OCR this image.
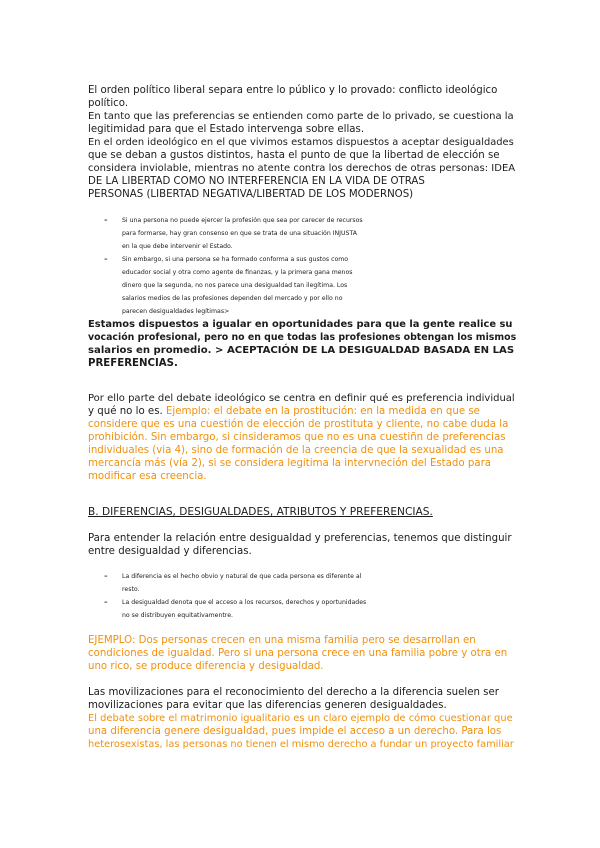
El orden político liberal separa entre lo público y lo provado: conflicto ideológico
político.
En tanto que las preferencias se entienden como parte de lo privado, se cuestiona la
legitimidad para que el Estado intervenga sobre ellas.
En el orden ideológico en el que vivimos estamos dispuestos a aceptar desigualdades
que se deban a gustos distintos, hasta el punto de que la libertad de elección se
considera inviolable, mientras no atente contra los derechos de otras personas: IDEA
DE LA LIBERTAD COMO NO INTERFERENCIA EN LA VIDA DE OTRAS
PERSONAS (LIBERTAD NEGATIVA/LIBERTAD DE LOS MODERNOS)
- Si una persona no puede ejercer la profesión que sea por carecer de recursos
para formarse, hay gran consenso en que se trata de una situación INJUSTA
en la que debe intervenir el Estado.
- Sin embargo, si una persona se ha formado conforma a sus gustos como
educador social y otra como agente de finanzas, y la primera gana menos
dinero que la segunda, no nos parece una desigualdad tan ilegítima. Los
salarios medios de las profesiones dependen del mercado y por ello no
parecen desigualdades legítimas>
Estamos dispuestos a igualar en oportunidades para que la gente realice su
vocación profesional, pero no en que todas las profesiones obtengan los mismos
salarios en promedio. > ACEPTACIÓN DE LA DESIGUALDAD BASADA EN LAS
PREFERENCIAS.
Por ello parte del debate ideológico se centra en definir qué es preferencia individual
y qué no lo es. Ejemplo: el debate en la prostitución: en la medida en que se
considere que es una cuestión de elección de prostituta y cliente, no cabe duda la
prohibición. Sin embargo, si cinsideramos que no es una cuestiñn de preferencias
individuales (via 4), sino de formación de la creencia de que la sexualidad es una
mercancía más (vía 2), si se considera legitima la intervneción del Estado para
modificar esa creencia.
B. DIFERENCIAS, DESIGUALDADES, ATRIBUTOS Y PREFERENCIAS.
Para entender la relación entre desigualdad y preferencias, tenemos que distinguir
entre desigualdad y diferencias.
- La diferencia es el hecho obvio y natural de que cada persona es diferente al
resto.
- La desigualdad denota que el acceso a los recursos, derechos y oportunidades
no se distribuyen equitativamentre.
EJEMPLO: Dos personas crecen en una misma familia pero se desarrollan en
condiciones de igualdad. Pero si una persona crece en una familia pobre y otra en
uno rico, se produce diferencia y desigualdad.
Las movilizaciones para el reconocimiento del derecho a la diferencia suelen ser
movilizaciones para evitar que las diferencias generen desigualdades.
El debate sobre el matrimonio igualitario es un claro ejemplo de cómo cuestionar que
una diferencia genere desigualdad, pues impide el acceso a un derecho. Para los
heterosexistas, las personas no tienen el mismo derecho a fundar un proyecto familiar
